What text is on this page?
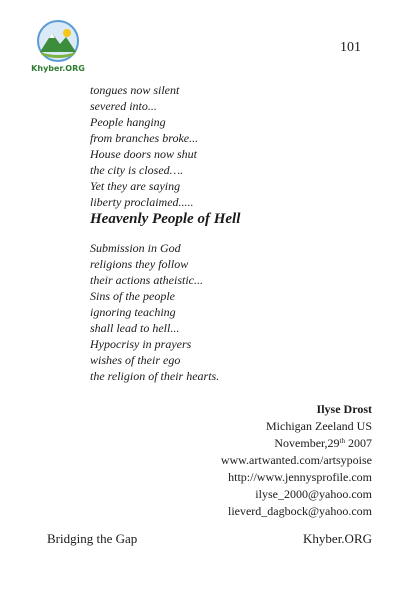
Khyber.ORG
101
tongues now silent
severed into...
People hanging
from branches broke...
House doors now shut
the city is closed….
Yet they are saying
liberty proclaimed.....
Heavenly People of Hell
Submission in God
religions they follow
their actions atheistic...
Sins of the people
ignoring teaching
shall lead to hell...
Hypocrisy in prayers
wishes of their ego
the religion of their hearts.
Ilyse Drost
Michigan Zeeland US
November,29th 2007
www.artwanted.com/artsypoise
http://www.jennysprofile.com
ilyse_2000@yahoo.com
lieverd_dagbock@yahoo.com
Bridging the Gap	Khyber.ORG
